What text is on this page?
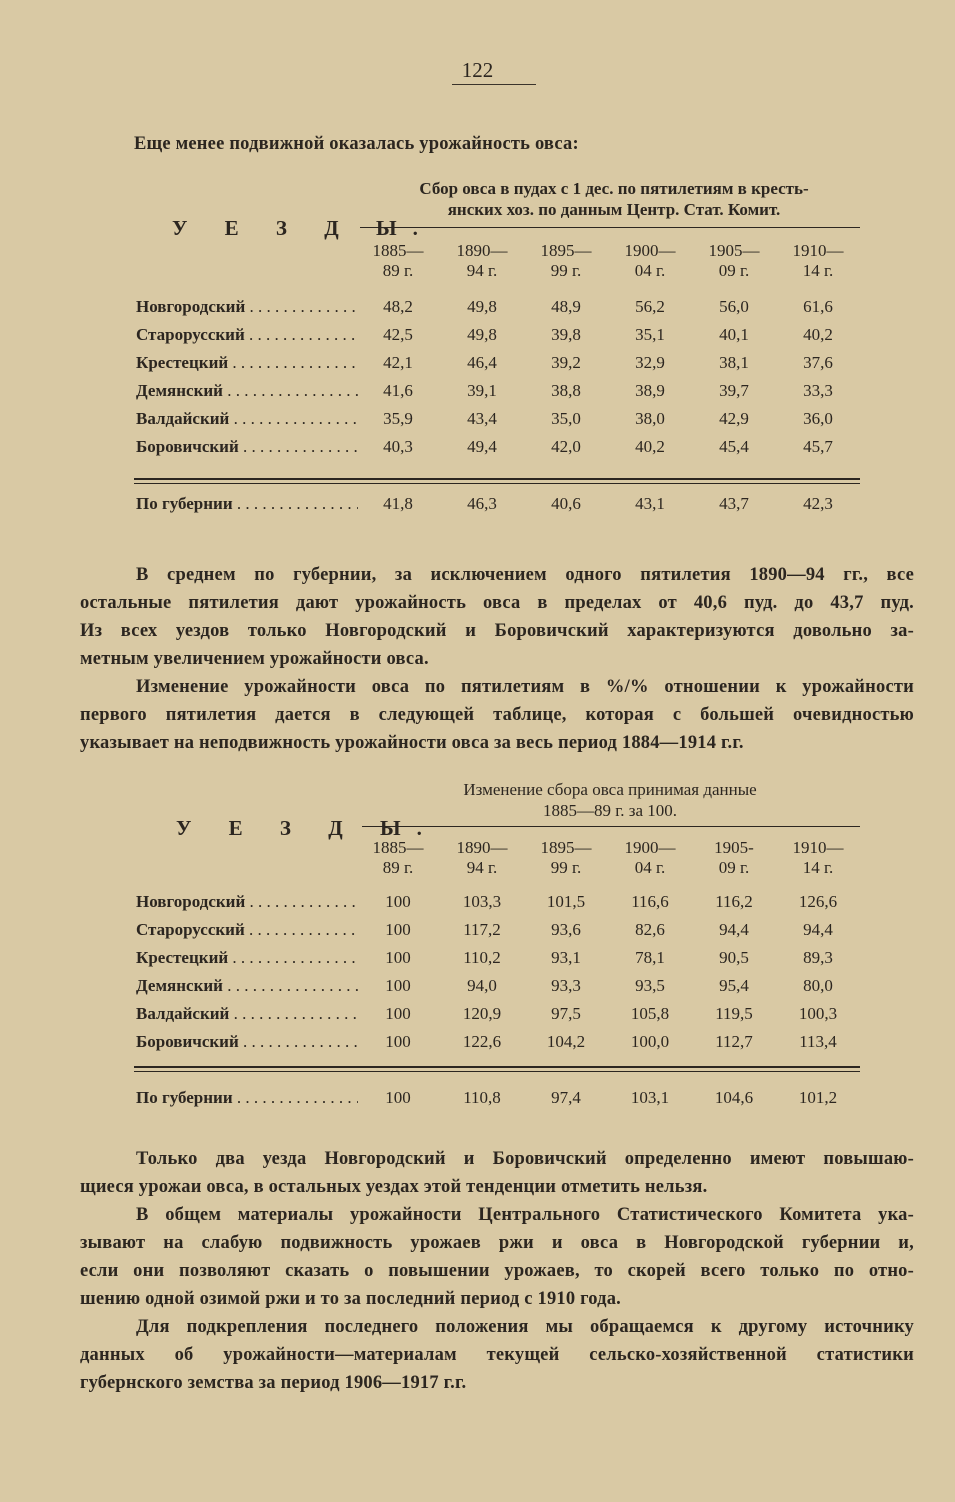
122

Еще менее подвижной оказалась урожайность овса:

У Е З Д Ы.
Сбор овса в пудах с 1 дес. по пятилетиям в кресть-
янских хоз. по данным Центр. Стат. Комит.
1885—
89 г.
1890—
94 г.
1895—
99 г.
1900—
04 г.
1905—
09 г.
1910—
14 г.
Новгородский . . .	48,2	49,8	48,9	56,2	56,0	61,6
Старорусский . . .	42,5	49,8	39,8	35,1	40,1	40,2
Крестецкий . . .	42,1	46,4	39,2	32,9	38,1	37,6
Демянский . . .	41,6	39,1	38,8	38,9	39,7	33,3
Валдайский . . .	35,9	43,4	35,0	38,0	42,9	36,0
Боровичский . . .	40,3	49,4	42,0	40,2	45,4	45,7
По губернии . . .	41,8	46,3	40,6	43,1	43,7	42,3

В среднем по губернии, за исключением одного пятилетия 1890—94 гг., все

остальные пятилетия дают урожайность овса в пределах от 40,6 пуд. до 43,7 пуд.

Из всех уездов только Новгородский и Боровичский характеризуются довольно за-

метным увеличением урожайности овса.

Изменение урожайности овса по пятилетиям в %/% отношении к урожайности

первого пятилетия дается в следующей таблице, которая с большей очевидностью

указывает на неподвижность урожайности овса за весь период 1884—1914 г.г.

У Е З Д Ы.
Изменение сбора овса принимая данные
1885—89 г. за 100.
1885—
89 г.
1890—
94 г.
1895—
99 г.
1900—
04 г.
1905-
09 г.
1910—
14 г.
Новгородский . . .	100	103,3	101,5	116,6	116,2	126,6
Старорусский . . .	100	117,2	93,6	82,6	94,4	94,4
Крестецкий . . .	100	110,2	93,1	78,1	90,5	89,3
Демянский . . .	100	94,0	93,3	93,5	95,4	80,0
Валдайский . . .	100	120,9	97,5	105,8	119,5	100,3
Боровичский . . .	100	122,6	104,2	100,0	112,7	113,4
По губернии . . .	100	110,8	97,4	103,1	104,6	101,2

Только два уезда Новгородский и Боровичский определенно имеют повышаю-

щиеся урожаи овса, в остальных уездах этой тенденции отметить нельзя.

В общем материалы урожайности Центрального Статистического Комитета ука-

зывают на слабую подвижность урожаев ржи и овса в Новгородской губернии и,

если они позволяют сказать о повышении урожаев, то скорей всего только по отно-

шению одной озимой ржи и то за последний период с 1910 года.

Для подкрепления последнего положения мы обращаемся к другому источнику

данных об урожайности—материалам текущей сельско-хозяйственной статистики

губернского земства за период 1906—1917 г.г.
